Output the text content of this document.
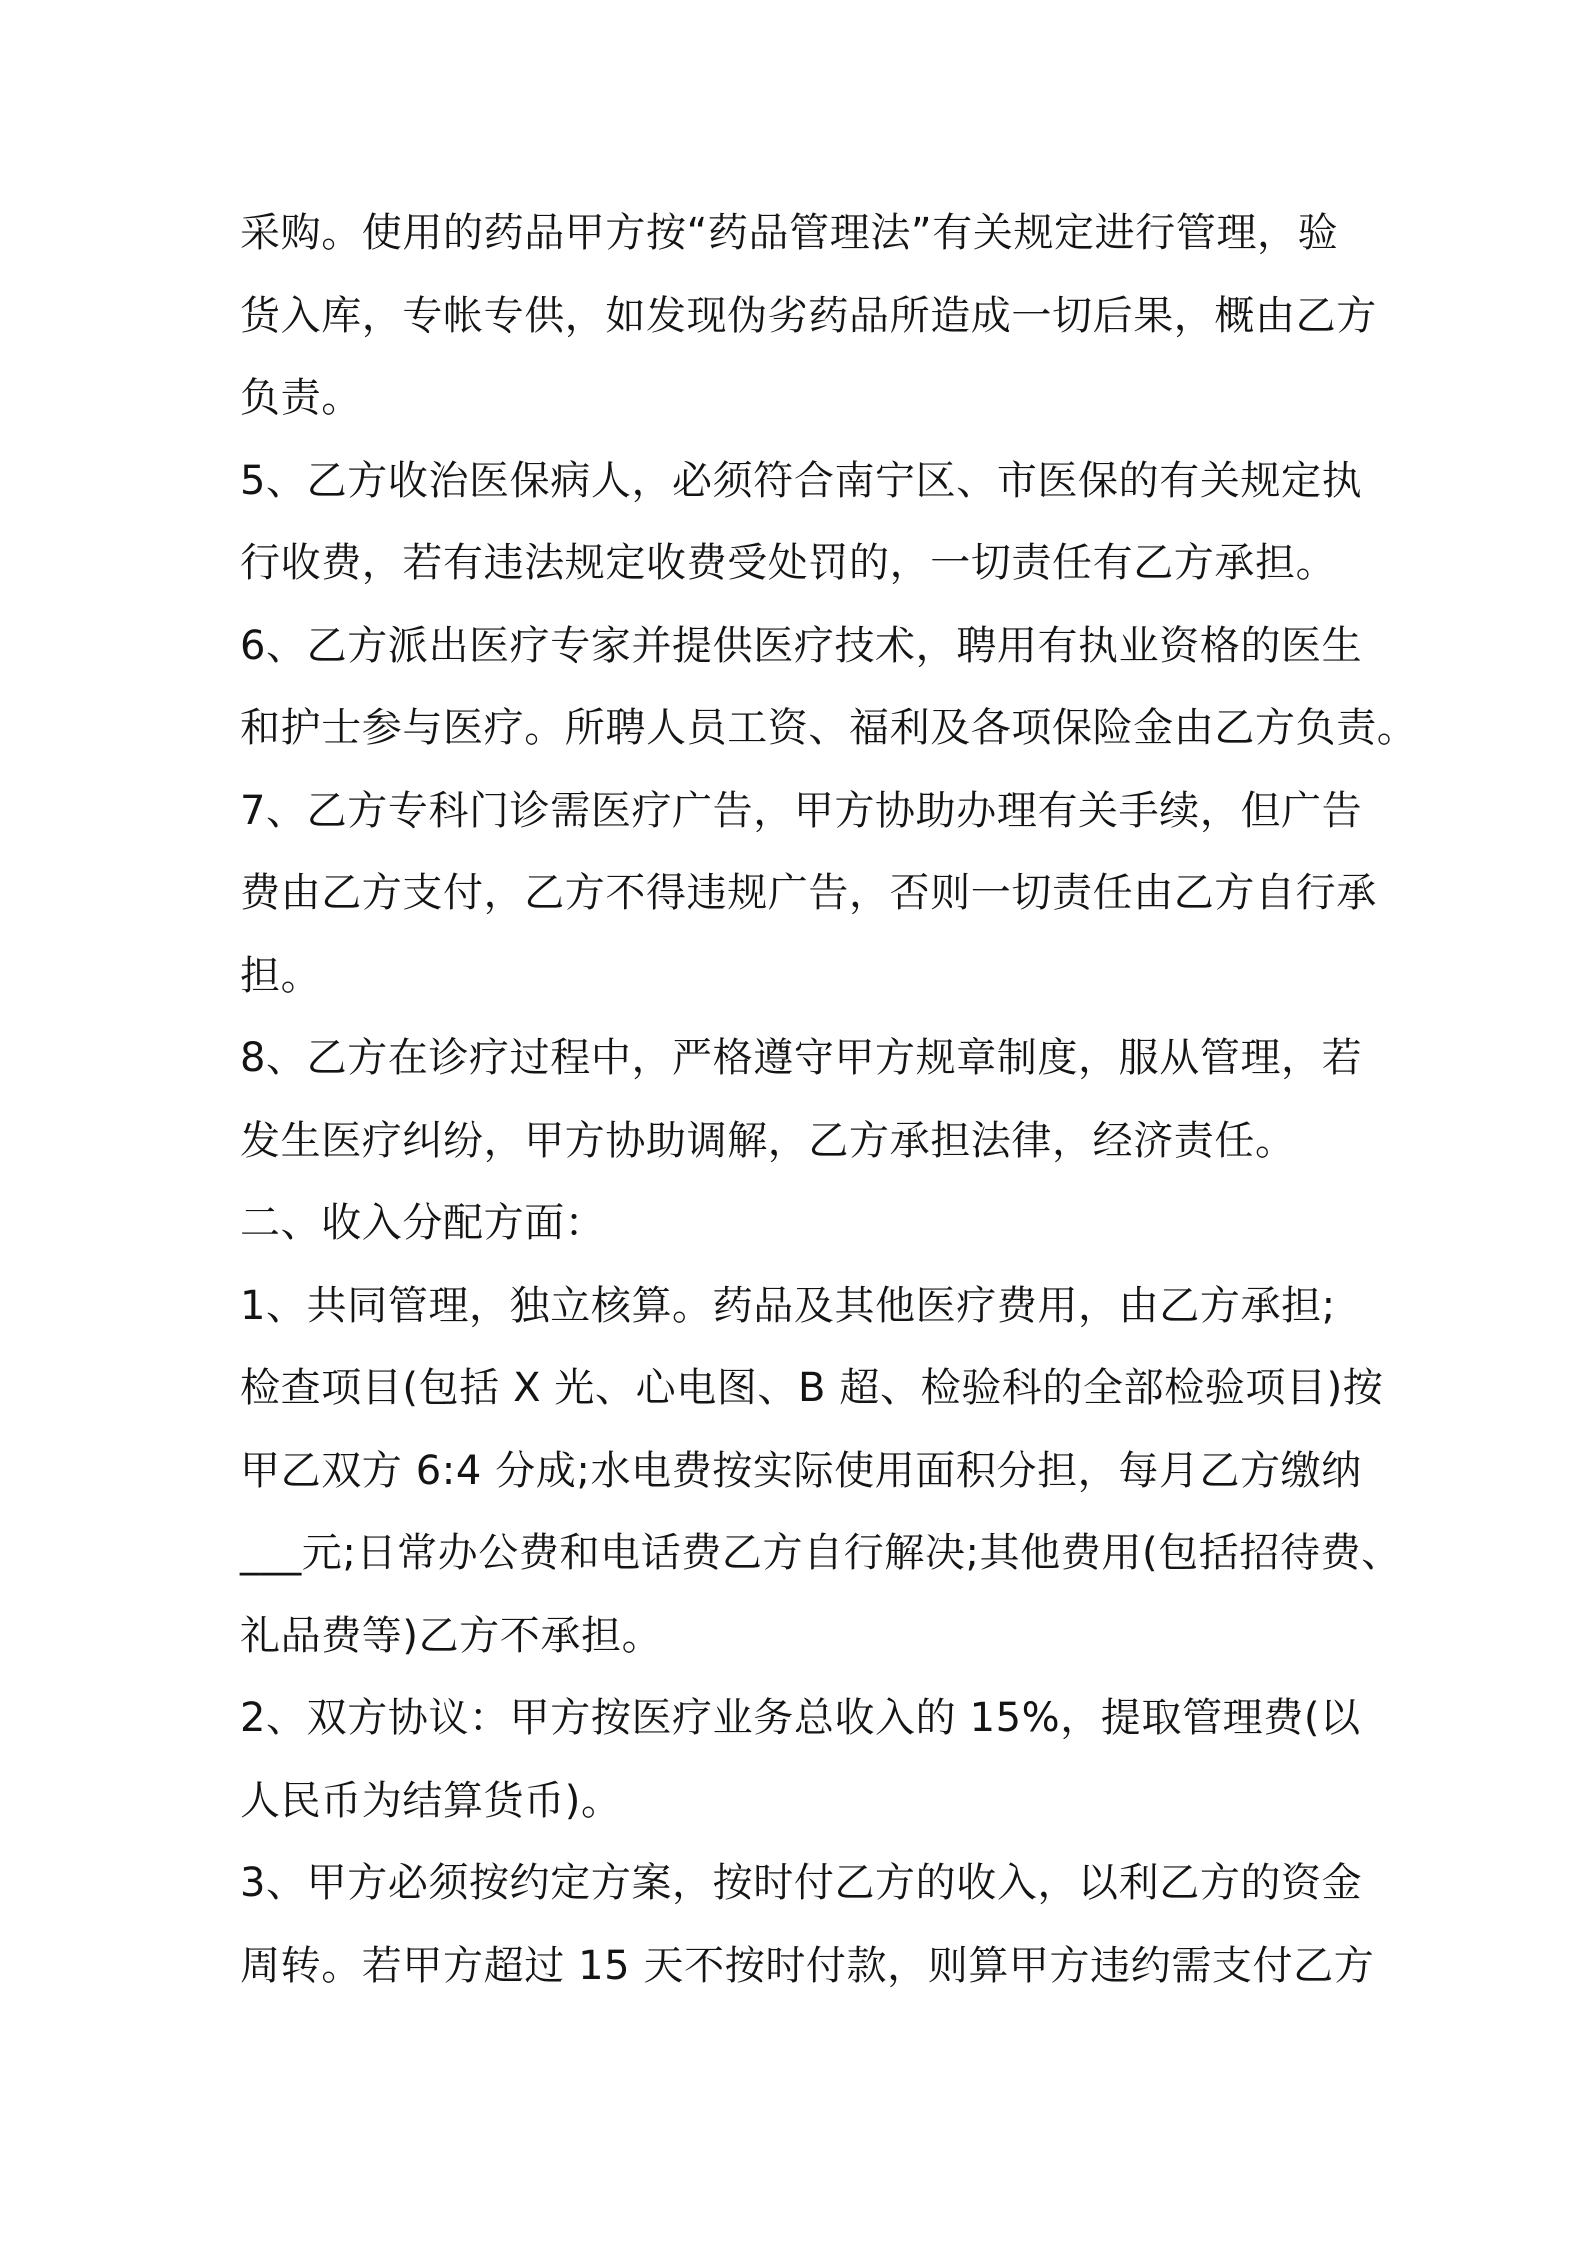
采购。使用的药品甲方按“药品管理法”有关规定进行管理，验
货入库，专帐专供，如发现伪劣药品所造成一切后果，概由乙方
负责。
5、乙方收治医保病人，必须符合南宁区、市医保的有关规定执
行收费，若有违法规定收费受处罚的，一切责任有乙方承担。
6、乙方派出医疗专家并提供医疗技术，聘用有执业资格的医生
和护士参与医疗。所聘人员工资、福利及各项保险金由乙方负责。
7、乙方专科门诊需医疗广告，甲方协助办理有关手续，但广告
费由乙方支付，乙方不得违规广告，否则一切责任由乙方自行承
担。
8、乙方在诊疗过程中，严格遵守甲方规章制度，服从管理，若
发生医疗纠纷，甲方协助调解，乙方承担法律，经济责任。
二、收入分配方面：
1、共同管理，独立核算。药品及其他医疗费用，由乙方承担;
检查项目(包括 X 光、心电图、B 超、检验科的全部检验项目)按
甲乙双方 6:4 分成;水电费按实际使用面积分担，每月乙方缴纳
___元;日常办公费和电话费乙方自行解决;其他费用(包括招待费、
礼品费等)乙方不承担。
2、双方协议：甲方按医疗业务总收入的 15%，提取管理费(以
人民币为结算货币)。
3、甲方必须按约定方案，按时付乙方的收入，以利乙方的资金
周转。若甲方超过 15 天不按时付款，则算甲方违约需支付乙方
